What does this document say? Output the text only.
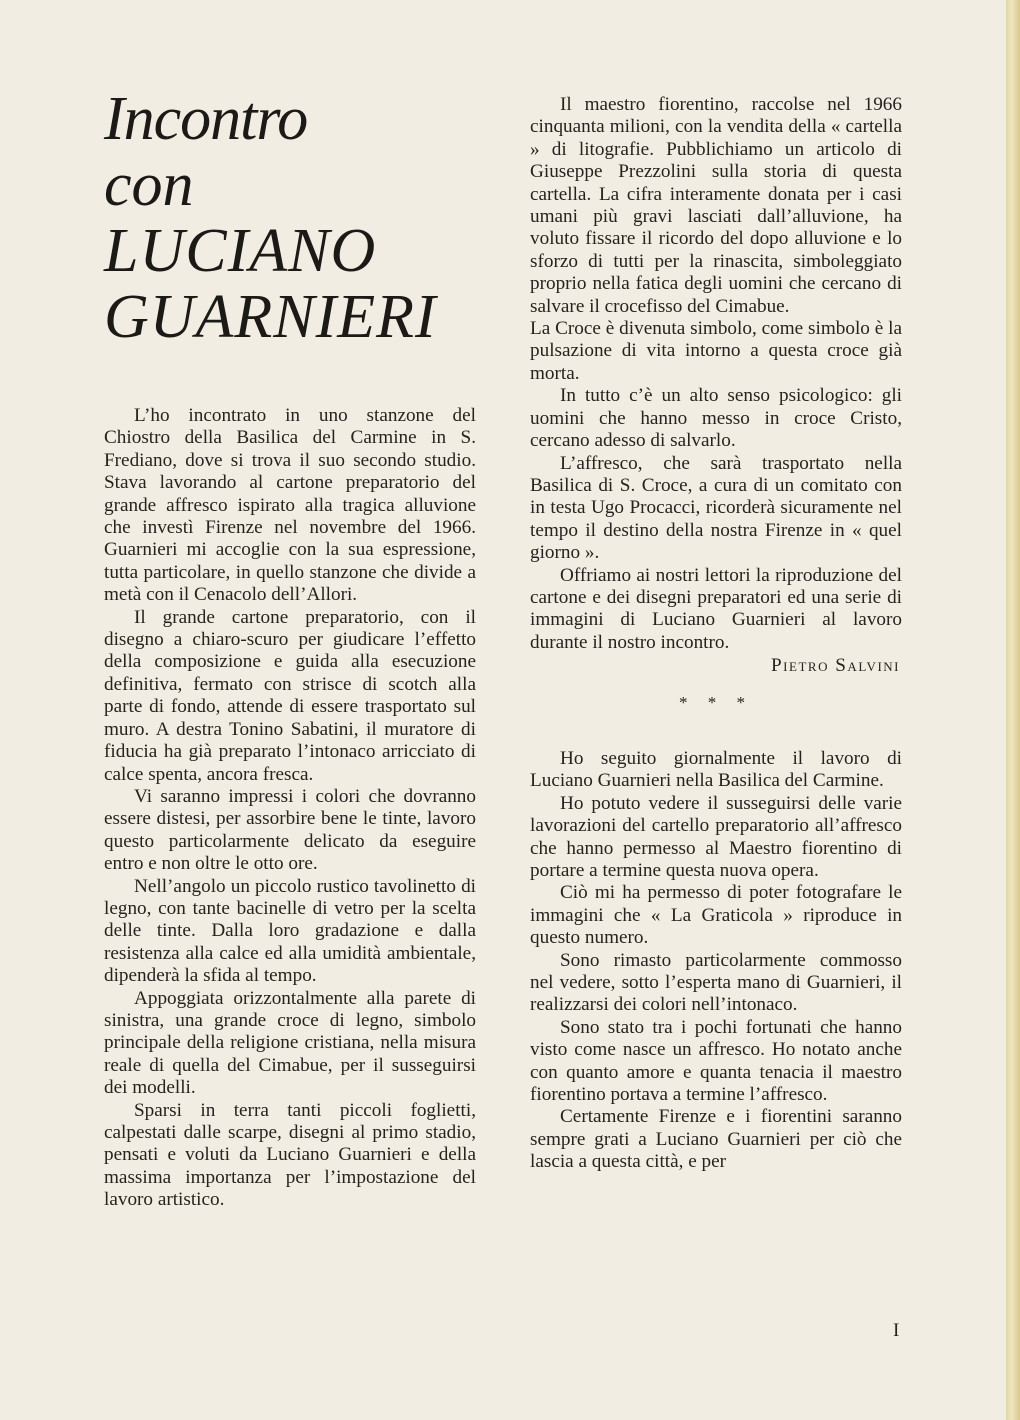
Incontro
con
LUCIANO
GUARNIERI

L’ho incontrato in uno stanzone del Chiostro della Basilica del Carmine in S. Frediano, dove si trova il suo secondo studio. Stava lavorando al cartone preparatorio del grande affresco ispirato alla tragica alluvione che investì Firenze nel novembre del 1966. Guarnieri mi accoglie con la sua espressione, tutta particolare, in quello stanzone che divide a metà con il Cenacolo dell’Allori.

Il grande cartone preparatorio, con il disegno a chiaro-scuro per giudicare l’effetto della composizione e guida alla esecuzione definitiva, fermato con strisce di scotch alla parte di fondo, attende di essere trasportato sul muro. A destra Tonino Sabatini, il muratore di fiducia ha già preparato l’intonaco arricciato di calce spenta, ancora fresca.

Vi saranno impressi i colori che dovranno essere distesi, per assorbire bene le tinte, lavoro questo particolarmente delicato da eseguire entro e non oltre le otto ore.

Nell’angolo un piccolo rustico tavolinetto di legno, con tante bacinelle di vetro per la scelta delle tinte. Dalla loro gradazione e dalla resistenza alla calce ed alla umidità ambientale, dipenderà la sfida al tempo.

Appoggiata orizzontalmente alla parete di sinistra, una grande croce di legno, simbolo principale della religione cristiana, nella misura reale di quella del Cimabue, per il susseguirsi dei modelli.

Sparsi in terra tanti piccoli foglietti, calpestati dalle scarpe, disegni al primo stadio, pensati e voluti da Luciano Guarnieri e della massima importanza per l’impostazione del lavoro artistico.

Il maestro fiorentino, raccolse nel 1966 cinquanta milioni, con la vendita della « cartella » di litografie. Pubblichiamo un articolo di Giuseppe Prezzolini sulla storia di questa cartella. La cifra interamente donata per i casi umani più gravi lasciati dall’alluvione, ha voluto fissare il ricordo del dopo alluvione e lo sforzo di tutti per la rinascita, simboleggiato proprio nella fatica degli uomini che cercano di salvare il crocefisso del Cimabue.

La Croce è divenuta simbolo, come simbolo è la pulsazione di vita intorno a questa croce già morta.

In tutto c’è un alto senso psicologico: gli uomini che hanno messo in croce Cristo, cercano adesso di salvarlo.

L’affresco, che sarà trasportato nella Basilica di S. Croce, a cura di un comitato con in testa Ugo Procacci, ricorderà sicuramente nel tempo il destino della nostra Firenze in « quel giorno ».

Offriamo ai nostri lettori la riproduzione del cartone e dei disegni preparatori ed una serie di immagini di Luciano Guarnieri al lavoro durante il nostro incontro.

Pietro Salvini

* * *

Ho seguito giornalmente il lavoro di Luciano Guarnieri nella Basilica del Carmine.

Ho potuto vedere il susseguirsi delle varie lavorazioni del cartello preparatorio all’affresco che hanno permesso al Maestro fiorentino di portare a termine questa nuova opera.

Ciò mi ha permesso di poter fotografare le immagini che « La Graticola » riproduce in questo numero.

Sono rimasto particolarmente commosso nel vedere, sotto l’esperta mano di Guarnieri, il realizzarsi dei colori nell’intonaco.

Sono stato tra i pochi fortunati che hanno visto come nasce un affresco. Ho notato anche con quanto amore e quanta tenacia il maestro fiorentino portava a termine l’affresco.

Certamente Firenze e i fiorentini saranno sempre grati a Luciano Guarnieri per ciò che lascia a questa città, e per

I
